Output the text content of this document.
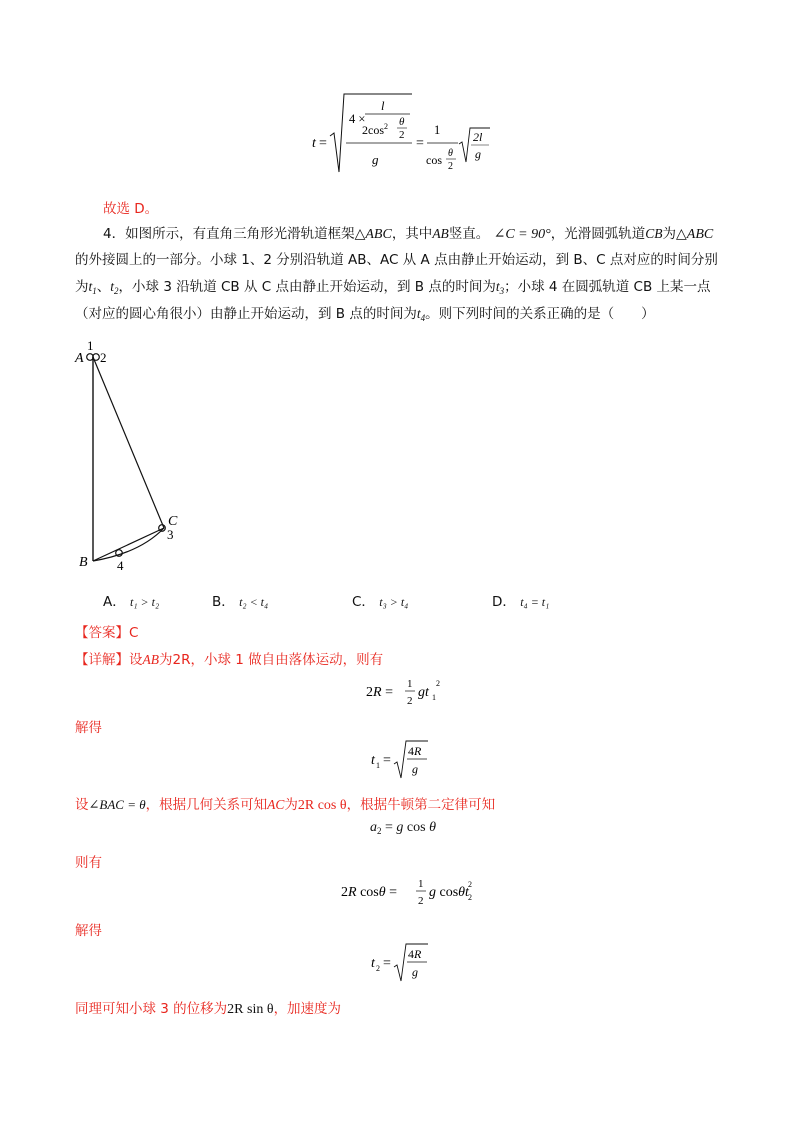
t =
4 ×
l
$2\cos^2$ θ
2
g
=
1
cos θ
2
2l
g
故选 D。
4．如图所示，有直角三角形光滑轨道框架△ABC，其中AB竖直。 ∠C = 90°，光滑圆弧轨道CB为△ABC
的外接圆上的一部分。小球 1、2 分别沿轨道 AB、AC 从 A 点由静止开始运动，到 B、C 点对应的时间分别
为$t_1$、$t_2$，小球 3 沿轨道 CB 从 C 点由静止开始运动，到 B 点的时间为$t_3$；小球 4 在圆弧轨道 CB 上某一点
（对应的圆心角很小）由静止开始运动，到 B 点的时间为$t_4$。则下列时间的关系正确的是（　　）
A
1
2
C
3
B 4
A． t₁ > t₂	B． t₂ < t₄	C． t₃ > t₄	D． t₄ = t₁
【答案】C
【详解】设AB为2R，小球 1 做自由落体运动，则有
2R =
1
2
gt 1
2
解得
t 1 =
4R
g
设∠BAC = θ，根据几何关系可知AC为2R cos θ，根据牛顿第二定律可知
$a_2 = g$ cos θ
则有
2R cosθ =
1
2
g cosθt 2
2
解得
t 2 =
4R
g
同理可知小球 3 的位移为2R sin θ，加速度为
